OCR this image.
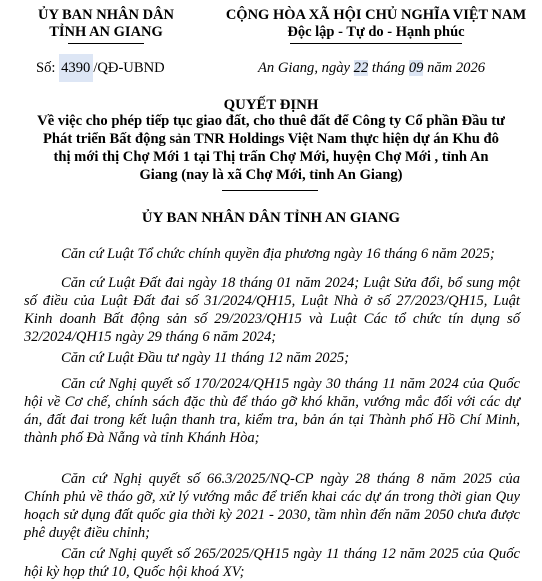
ỦY BAN NHÂN DÂN
TỈNH AN GIANG
CỘNG HÒA XÃ HỘI CHỦ NGHĨA VIỆT NAM
Độc lập - Tự do - Hạnh phúc
Số: 4390 /QĐ-UBND	An Giang, ngày 22 tháng 09 năm 2026
QUYẾT ĐỊNH
Về việc cho phép tiếp tục giao đất, cho thuê đất để Công ty Cổ phần Đầu tư
Phát triển Bất động sản TNR Holdings Việt Nam thực hiện dự án Khu đô
thị mới thị Chợ Mới 1 tại Thị trấn Chợ Mới, huyện Chợ Mới , tỉnh An
Giang (nay là xã Chợ Mới, tỉnh An Giang)
ỦY BAN NHÂN DÂN TỈNH AN GIANG
Căn cứ Luật Tổ chức chính quyền địa phương ngày 16 tháng 6 năm 2025;
Căn cứ Luật Đất đai ngày 18 tháng 01 năm 2024; Luật Sửa đổi, bổ sung một số điều của Luật Đất đai số 31/2024/QH15, Luật Nhà ở số 27/2023/QH15, Luật Kinh doanh Bất động sản số 29/2023/QH15 và Luật Các tổ chức tín dụng số 32/2024/QH15 ngày 29 tháng 6 năm 2024;
Căn cứ Luật Đầu tư ngày 11 tháng 12 năm 2025;
Căn cứ Nghị quyết số 170/2024/QH15 ngày 30 tháng 11 năm 2024 của Quốc hội về Cơ chế, chính sách đặc thù để tháo gỡ khó khăn, vướng mắc đối với các dự án, đất đai trong kết luận thanh tra, kiểm tra, bản án tại Thành phố Hồ Chí Minh, thành phố Đà Nẵng và tỉnh Khánh Hòa;
Căn cứ Nghị quyết số 66.3/2025/NQ-CP ngày 28 tháng 8 năm 2025 của Chính phủ về tháo gỡ, xử lý vướng mắc để triển khai các dự án trong thời gian Quy hoạch sử dụng đất quốc gia thời kỳ 2021 - 2030, tầm nhìn đến năm 2050 chưa được phê duyệt điều chỉnh;
Căn cứ Nghị quyết số 265/2025/QH15 ngày 11 tháng 12 năm 2025 của Quốc hội kỳ họp thứ 10, Quốc hội khoá XV;
